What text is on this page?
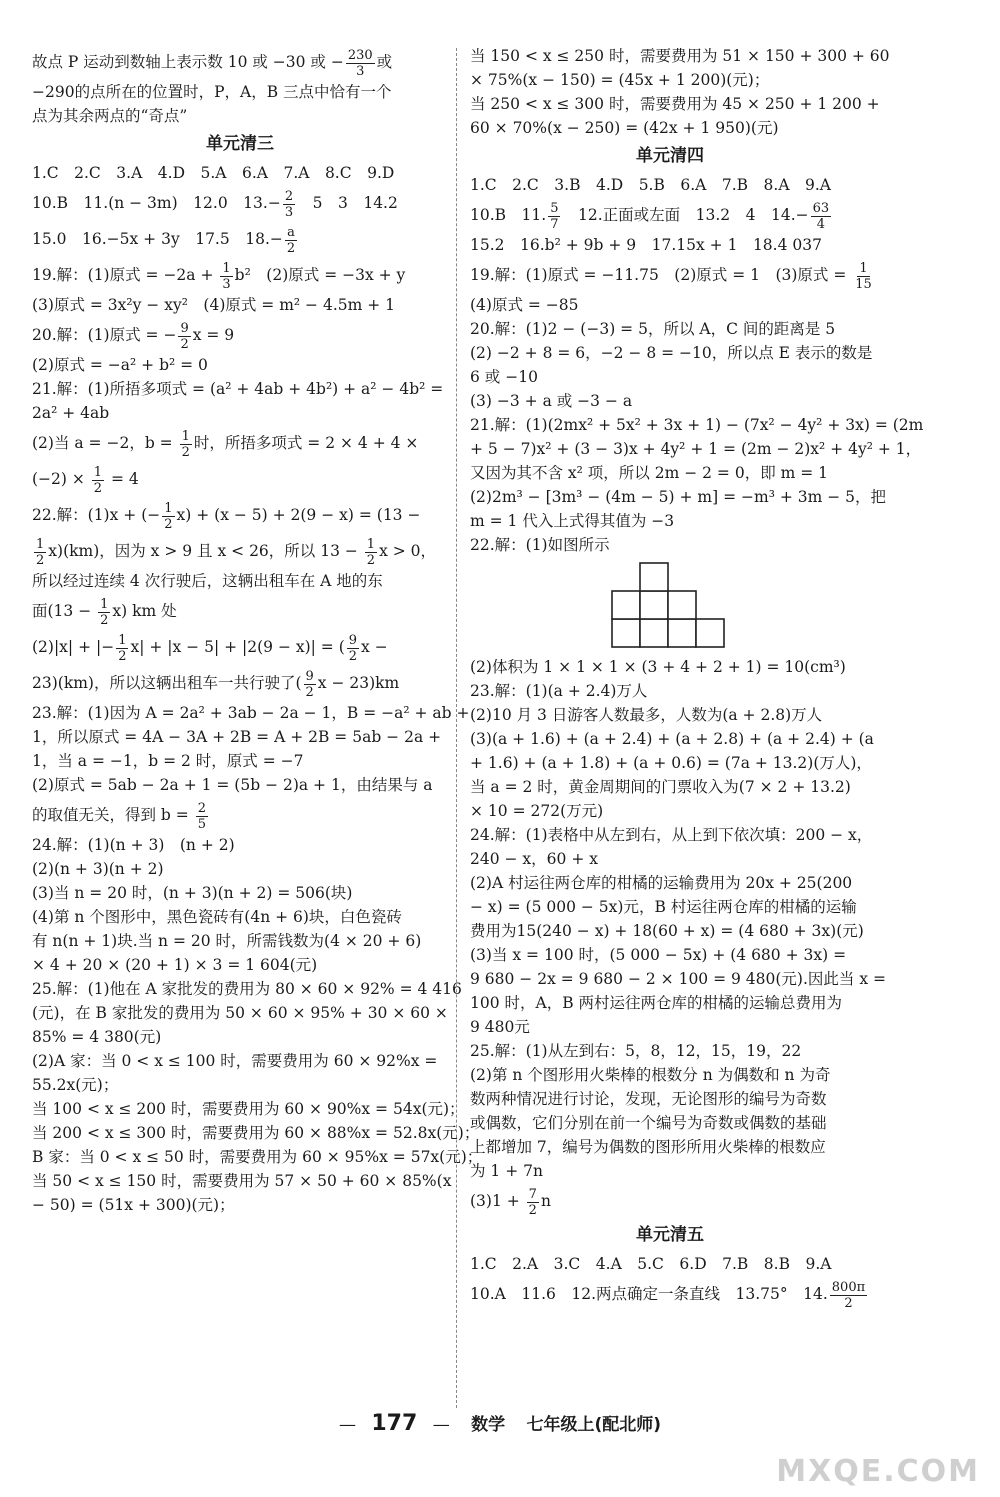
故点 P 运动到数轴上表示数 10 或 −30 或 − $\frac{230}{3}$ 或

−290的点所在的位置时，P，A，B 三点中恰有一个

点为其余两点的“奇点”

单元清三

1.C　2.C　3.A　4.D　5.A　6.A　7.A　8.C　9.D

10.B　11.(n − 3m)　12.0　$13.- \frac{2}{3}$ 　5　3　14.2

15.0　16.−5x + 3y　17.5　$18.- \frac{a}{2}$

19.解：(1)原式 = $-2a + \frac{1}{3} b^2$　(2)原式 = −3x + y

(3)原式 = 3x²y − xy²　(4)原式 = m² − 4.5m + 1

20.解：(1)原式 = − $\frac{9}{2}$ x = 9

(2)原式 = −a² + b² = 0

21.解：(1)所捂多项式 = (a² + 4ab + 4b²) + a² − 4b² =

2a² + 4ab

(2)当 a = −2，$b = \frac{1}{2}$ 时，所捂多项式 = 2 × 4 + 4 ×

$(-2) \times \frac{1}{2} = 4$

22.解：(1)x + (− $\frac{1}{2} x) + (x - 5) + 2(9 - x) = (13$ −

$\frac{1}{2} x)(km)$，因为 x > 9 且 x < 26，所以 $13 - \frac{1}{2}$ x > 0，

所以经过连续 4 次行驶后，这辆出租车在 A 地的东

面$(13 - \frac{1}{2} x)$ km 处

(2)|x| + |− $\frac{1}{2} x| + |x - 5| + |2(9 - x)|$ = ( $\frac{9}{2}$ x −

23)(km)，所以这辆出租车一共行驶了( $\frac{9}{2}$ x − 23)km

23.解：(1)因为 A = 2a² + 3ab − 2a − 1，B = −a² + ab +

1，所以原式 = 4A − 3A + 2B = A + 2B = 5ab − 2a +

1，当 a = −1，b = 2 时，原式 = −7

(2)原式 = 5ab − 2a + 1 = (5b − 2)a + 1，由结果与 a

的取值无关，得到 $b = \frac{2}{5}$

24.解：(1)(n + 3)　(n + 2)

(2)(n + 3)(n + 2)

(3)当 n = 20 时，(n + 3)(n + 2) = 506(块)

(4)第 n 个图形中，黑色瓷砖有(4n + 6)块，白色瓷砖

有 n(n + 1)块.当 n = 20 时，所需钱数为(4 × 20 + 6)

× 4 + 20 × (20 + 1) × 3 = 1 604(元)

25.解：(1)他在 A 家批发的费用为 80 × 60 × 92% = 4 416

(元)，在 B 家批发的费用为 50 × 60 × 95% + 30 × 60 ×

85% = 4 380(元)

(2)A 家：当 0 < x ≤ 100 时，需要费用为 60 × 92%x =

55.2x(元)；

当 100 < x ≤ 200 时，需要费用为 60 × 90%x = 54x(元)；

当 200 < x ≤ 300 时，需要费用为 60 × 88%x = 52.8x(元)；

B 家：当 0 < x ≤ 50 时，需要费用为 60 × 95%x = 57x(元)；

当 50 < x ≤ 150 时，需要费用为 57 × 50 + 60 × 85%(x

− 50) = (51x + 300)(元)；

当 150 < x ≤ 250 时，需要费用为 51 × 150 + 300 + 60

× 75%(x − 150) = (45x + 1 200)(元)；

当 250 < x ≤ 300 时，需要费用为 45 × 250 + 1 200 +

60 × 70%(x − 250) = (42x + 1 950)(元)

单元清四

1.C　2.C　3.B　4.D　5.B　6.A　7.B　8.A　9.A

10.B　11. $\frac{5}{7}$ 　12.正面或左面　13.2　4　$14.- \frac{63}{4}$

15.2　16.b² + 9b + 9　17.15x + 1　18.4 037

19.解：(1)原式 = −11.75　(2)原式 = 1　(3)原式 = $\frac{1}{15}$

(4)原式 = −85

20.解：(1)2 − (−3) = 5，所以 A，C 间的距离是 5

(2) −2 + 8 = 6，−2 − 8 = −10，所以点 E 表示的数是

6 或 −10

(3) −3 + a 或 −3 − a

21.解：(1)(2mx² + 5x² + 3x + 1) − (7x² − 4y² + 3x) = (2m

+ 5 − 7)x² + (3 − 3)x + 4y² + 1 = (2m − 2)x² + 4y² + 1，

又因为其不含 x² 项，所以 2m − 2 = 0，即 m = 1

(2)2m³ − [3m³ − (4m − 5) + m] = −m³ + 3m − 5，把

m = 1 代入上式得其值为 −3

22.解：(1)如图所示

(2)体积为 1 × 1 × 1 × (3 + 4 + 2 + 1) = 10(cm³)

23.解：(1)(a + 2.4)万人

(2)10 月 3 日游客人数最多，人数为(a + 2.8)万人

(3)(a + 1.6) + (a + 2.4) + (a + 2.8) + (a + 2.4) + (a

+ 1.6) + (a + 1.8) + (a + 0.6) = (7a + 13.2)(万人)，

当 a = 2 时，黄金周期间的门票收入为(7 × 2 + 13.2)

× 10 = 272(万元)

24.解：(1)表格中从左到右，从上到下依次填：200 − x，

240 − x，60 + x

(2)A 村运往两仓库的柑橘的运输费用为 20x + 25(200

− x) = (5 000 − 5x)元，B 村运往两仓库的柑橘的运输

费用为15(240 − x) + 18(60 + x) = (4 680 + 3x)(元)

(3)当 x = 100 时，(5 000 − 5x) + (4 680 + 3x) =

9 680 − 2x = 9 680 − 2 × 100 = 9 480(元).因此当 x =

100 时，A，B 两村运往两仓库的柑橘的运输总费用为

9 480元

25.解：(1)从左到右：5，8，12，15，19，22

(2)第 n 个图形用火柴棒的根数分 n 为偶数和 n 为奇

数两种情况进行讨论，发现，无论图形的编号为奇数

或偶数，它们分别在前一个编号为奇数或偶数的基础

上都增加 7，编号为偶数的图形所用火柴棒的根数应

为 1 + 7n

$(3)1 + \frac{7}{2}$ n

单元清五

1.C　2.A　3.C　4.A　5.C　6.D　7.B　8.B　9.A

10.A　11.6　12.两点确定一条直线　13.75°　14. $\frac{800\pi}{2}$

— 177 — 数学 七年级上(配北师)
MXQE.COM
